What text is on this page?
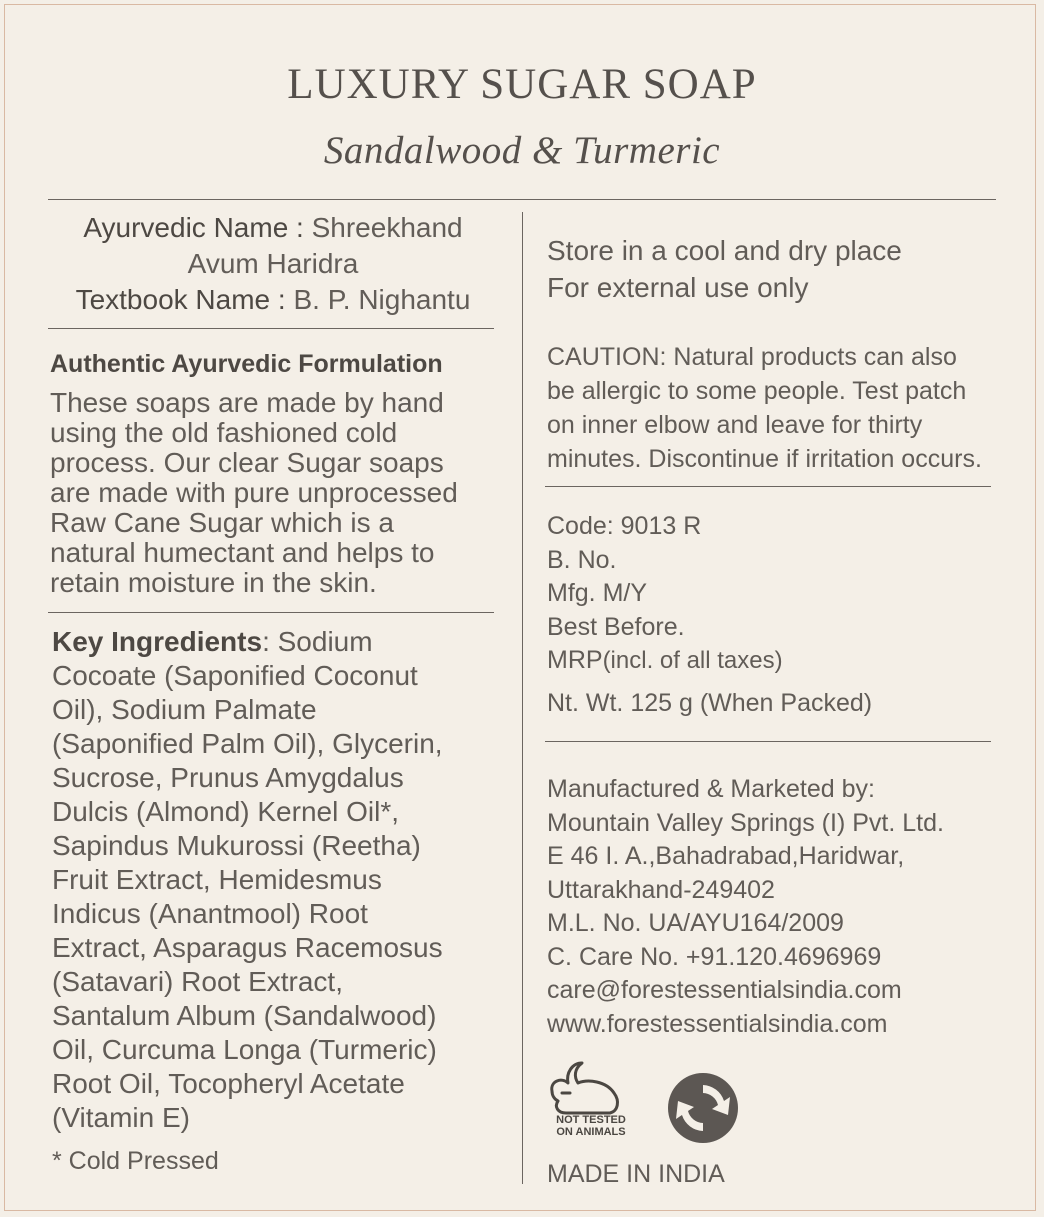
LUXURY SUGAR SOAP
Sandalwood & Turmeric
Ayurvedic Name : Shreekhand
Avum Haridra
Textbook Name : B. P. Nighantu
Authentic Ayurvedic Formulation
These soaps are made by hand
using the old fashioned cold
process. Our clear Sugar soaps
are made with pure unprocessed
Raw Cane Sugar which is a
natural humectant and helps to
retain moisture in the skin.
Key Ingredients: Sodium
Cocoate (Saponified Coconut
Oil), Sodium Palmate
(Saponified Palm Oil), Glycerin,
Sucrose, Prunus Amygdalus
Dulcis (Almond) Kernel Oil*,
Sapindus Mukurossi (Reetha)
Fruit Extract, Hemidesmus
Indicus (Anantmool) Root
Extract, Asparagus Racemosus
(Satavari) Root Extract,
Santalum Album (Sandalwood)
Oil, Curcuma Longa (Turmeric)
Root Oil, Tocopheryl Acetate
(Vitamin E)
* Cold Pressed
Store in a cool and dry place
For external use only
CAUTION: Natural products can also
be allergic to some people. Test patch
on inner elbow and leave for thirty
minutes. Discontinue if irritation occurs.
Code: 9013 R
B. No.
Mfg. M/Y
Best Before.
MRP(incl. of all taxes)
Nt. Wt. 125 g (When Packed)
Manufactured & Marketed by:
Mountain Valley Springs (I) Pvt. Ltd.
E 46 I. A.,Bahadrabad,Haridwar,
Uttarakhand-249402
M.L. No. UA/AYU164/2009
C. Care No. +91.120.4696969
care@forestessentialsindia.com
www.forestessentialsindia.com
NOT TESTED
ON ANIMALS
MADE IN INDIA
